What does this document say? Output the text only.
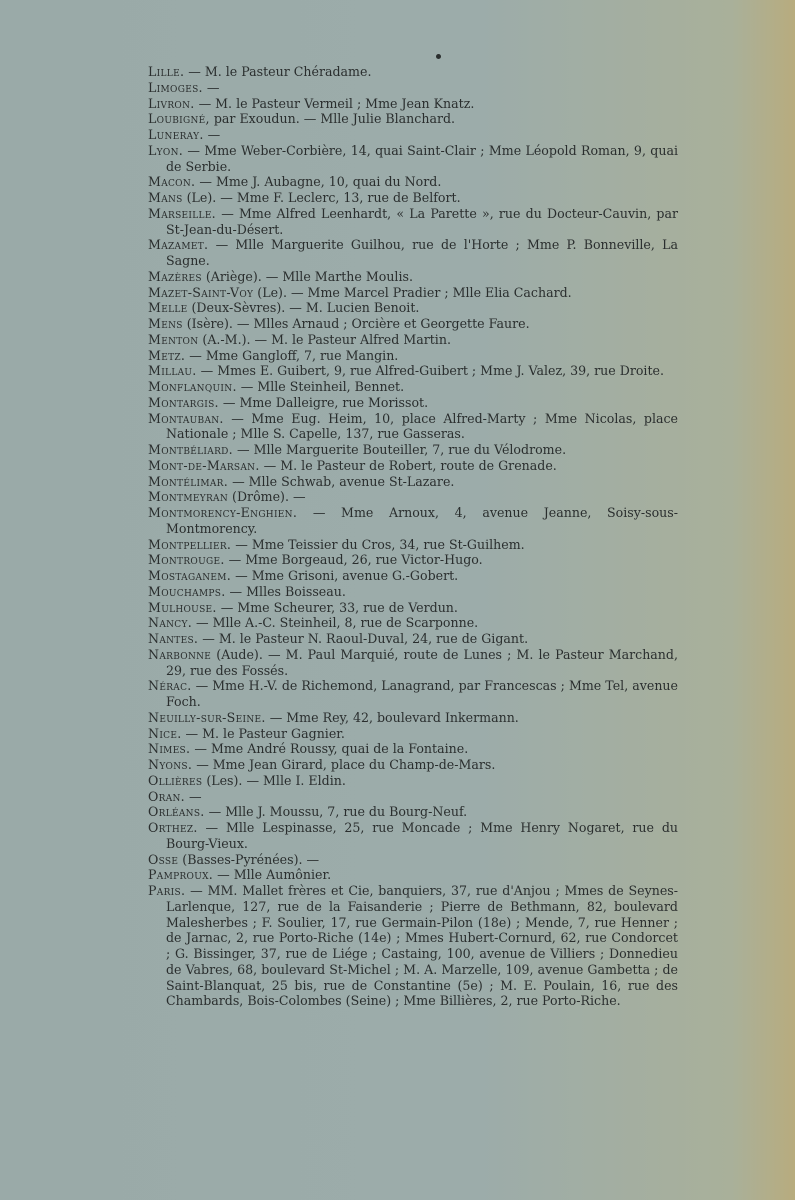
Lille. — M. le Pasteur Chéradame.

Limoges. —

Livron. — M. le Pasteur Vermeil ; Mme Jean Knatz.

Loubigné, par Exoudun. — Mlle Julie Blanchard.

Luneray. —

Lyon. — Mme Weber-Corbière, 14, quai Saint-Clair ; Mme Léopold Roman, 9, quai de Serbie.

Macon. — Mme J. Aubagne, 10, quai du Nord.

Mans (Le). — Mme F. Leclerc, 13, rue de Belfort.

Marseille. — Mme Alfred Leenhardt, « La Parette », rue du Docteur-Cauvin, par St-Jean-du-Désert.

Mazamet. — Mlle Marguerite Guilhou, rue de l'Horte ; Mme P. Bonneville, La Sagne.

Mazères (Ariège). — Mlle Marthe Moulis.

Mazet-Saint-Voy (Le). — Mme Marcel Pradier ; Mlle Elia Cachard.

Melle (Deux-Sèvres). — M. Lucien Benoit.

Mens (Isère). — Mlles Arnaud ; Orcière et Georgette Faure.

Menton (A.-M.). — M. le Pasteur Alfred Martin.

Metz. — Mme Gangloff, 7, rue Mangin.

Millau. — Mmes E. Guibert, 9, rue Alfred-Guibert ; Mme J. Valez, 39, rue Droite.

Monflanquin. — Mlle Steinheil, Bennet.

Montargis. — Mme Dalleigre, rue Morissot.

Montauban. — Mme Eug. Heim, 10, place Alfred-Marty ; Mme Nicolas, place Nationale ; Mlle S. Capelle, 137, rue Gasseras.

Montbéliard. — Mlle Marguerite Bouteiller, 7, rue du Vélodrome.

Mont-de-Marsan. — M. le Pasteur de Robert, route de Grenade.

Montélimar. — Mlle Schwab, avenue St-Lazare.

Montmeyran (Drôme). —

Montmorency-Enghien. — Mme Arnoux, 4, avenue Jeanne, Soisy-sous-Montmorency.

Montpellier. — Mme Teissier du Cros, 34, rue St-Guilhem.

Montrouge. — Mme Borgeaud, 26, rue Victor-Hugo.

Mostaganem. — Mme Grisoni, avenue G.-Gobert.

Mouchamps. — Mlles Boisseau.

Mulhouse. — Mme Scheurer, 33, rue de Verdun.

Nancy. — Mlle A.-C. Steinheil, 8, rue de Scarponne.

Nantes. — M. le Pasteur N. Raoul-Duval, 24, rue de Gigant.

Narbonne (Aude). — M. Paul Marquié, route de Lunes ; M. le Pasteur Marchand, 29, rue des Fossés.

Nérac. — Mme H.-V. de Richemond, Lanagrand, par Francescas ; Mme Tel, avenue Foch.

Neuilly-sur-Seine. — Mme Rey, 42, boulevard Inkermann.

Nice. — M. le Pasteur Gagnier.

Nimes. — Mme André Roussy, quai de la Fontaine.

Nyons. — Mme Jean Girard, place du Champ-de-Mars.

Ollières (Les). — Mlle I. Eldin.

Oran. —

Orléans. — Mlle J. Moussu, 7, rue du Bourg-Neuf.

Orthez. — Mlle Lespinasse, 25, rue Moncade ; Mme Henry Nogaret, rue du Bourg-Vieux.

Osse (Basses-Pyrénées). —

Pamproux. — Mlle Aumônier.

Paris. — MM. Mallet frères et Cie, banquiers, 37, rue d'Anjou ; Mmes de Seynes-Larlenque, 127, rue de la Faisanderie ; Pierre de Bethmann, 82, boulevard Malesherbes ; F. Soulier, 17, rue Germain-Pilon (18e) ; Mende, 7, rue Henner ; de Jarnac, 2, rue Porto-Riche (14e) ; Mmes Hubert-Cornurd, 62, rue Condorcet ; G. Bissinger, 37, rue de Liége ; Castaing, 100, avenue de Villiers ; Donnedieu de Vabres, 68, boulevard St-Michel ; M. A. Marzelle, 109, avenue Gambetta ; de Saint-Blanquat, 25 bis, rue de Constantine (5e) ; M. E. Poulain, 16, rue des Chambards, Bois-Colombes (Seine) ; Mme Billières, 2, rue Porto-Riche.
